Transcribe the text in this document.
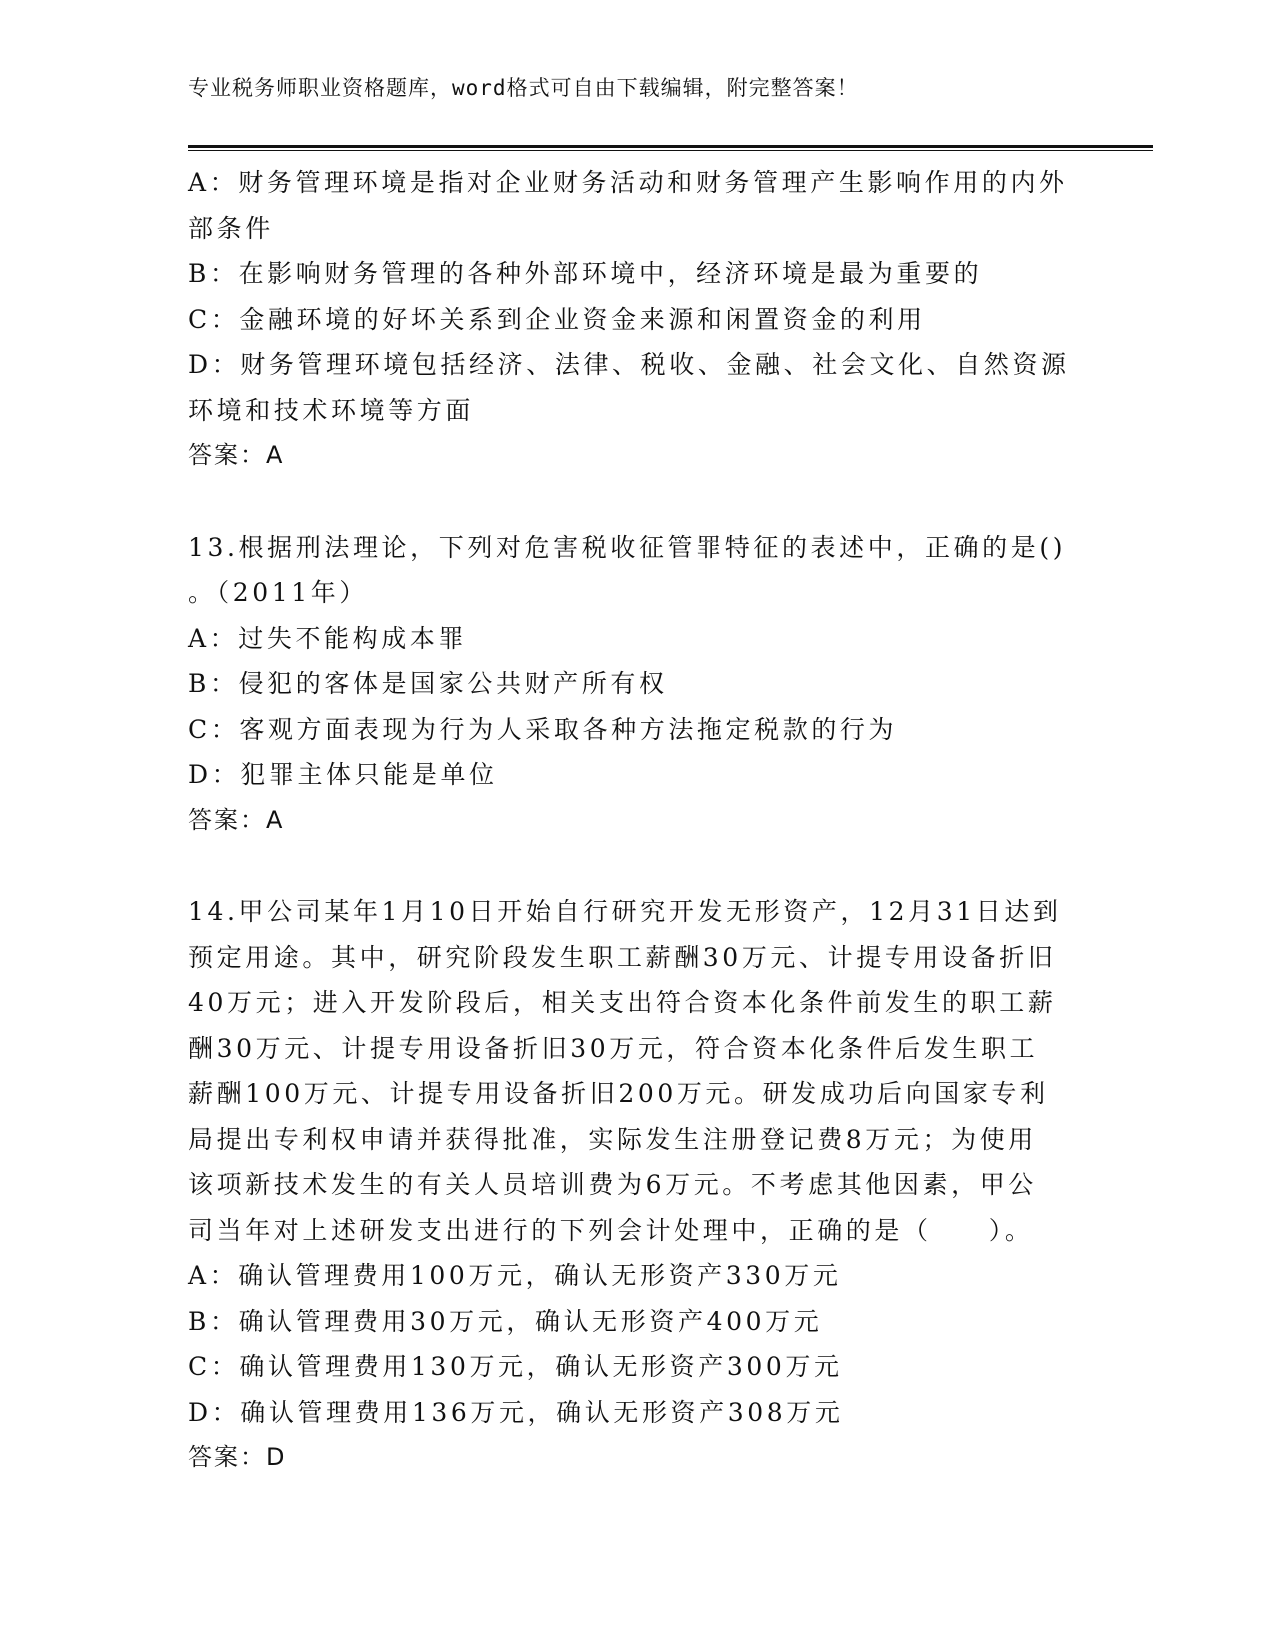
专业税务师职业资格题库，word格式可自由下载编辑，附完整答案！
A：财务管理环境是指对企业财务活动和财务管理产生影响作用的内外
部条件
B：在影响财务管理的各种外部环境中，经济环境是最为重要的
C：金融环境的好坏关系到企业资金来源和闲置资金的利用
D：财务管理环境包括经济、法律、税收、金融、社会文化、自然资源
环境和技术环境等方面
答案：A
13.根据刑法理论，下列对危害税收征管罪特征的表述中，正确的是()
。（2011年）
A：过失不能构成本罪
B：侵犯的客体是国家公共财产所有权
C：客观方面表现为行为人采取各种方法拖定税款的行为
D：犯罪主体只能是单位
答案：A
14.甲公司某年1月10日开始自行研究开发无形资产，12月31日达到
预定用途。其中，研究阶段发生职工薪酬30万元、计提专用设备折旧
40万元；进入开发阶段后，相关支出符合资本化条件前发生的职工薪
酬30万元、计提专用设备折旧30万元，符合资本化条件后发生职工
薪酬100万元、计提专用设备折旧200万元。研发成功后向国家专利
局提出专利权申请并获得批准，实际发生注册登记费8万元；为使用
该项新技术发生的有关人员培训费为6万元。不考虑其他因素，甲公
司当年对上述研发支出进行的下列会计处理中，正确的是（　　）。
A：确认管理费用100万元，确认无形资产330万元
B：确认管理费用30万元，确认无形资产400万元
C：确认管理费用130万元，确认无形资产300万元
D：确认管理费用136万元，确认无形资产308万元
答案：D
